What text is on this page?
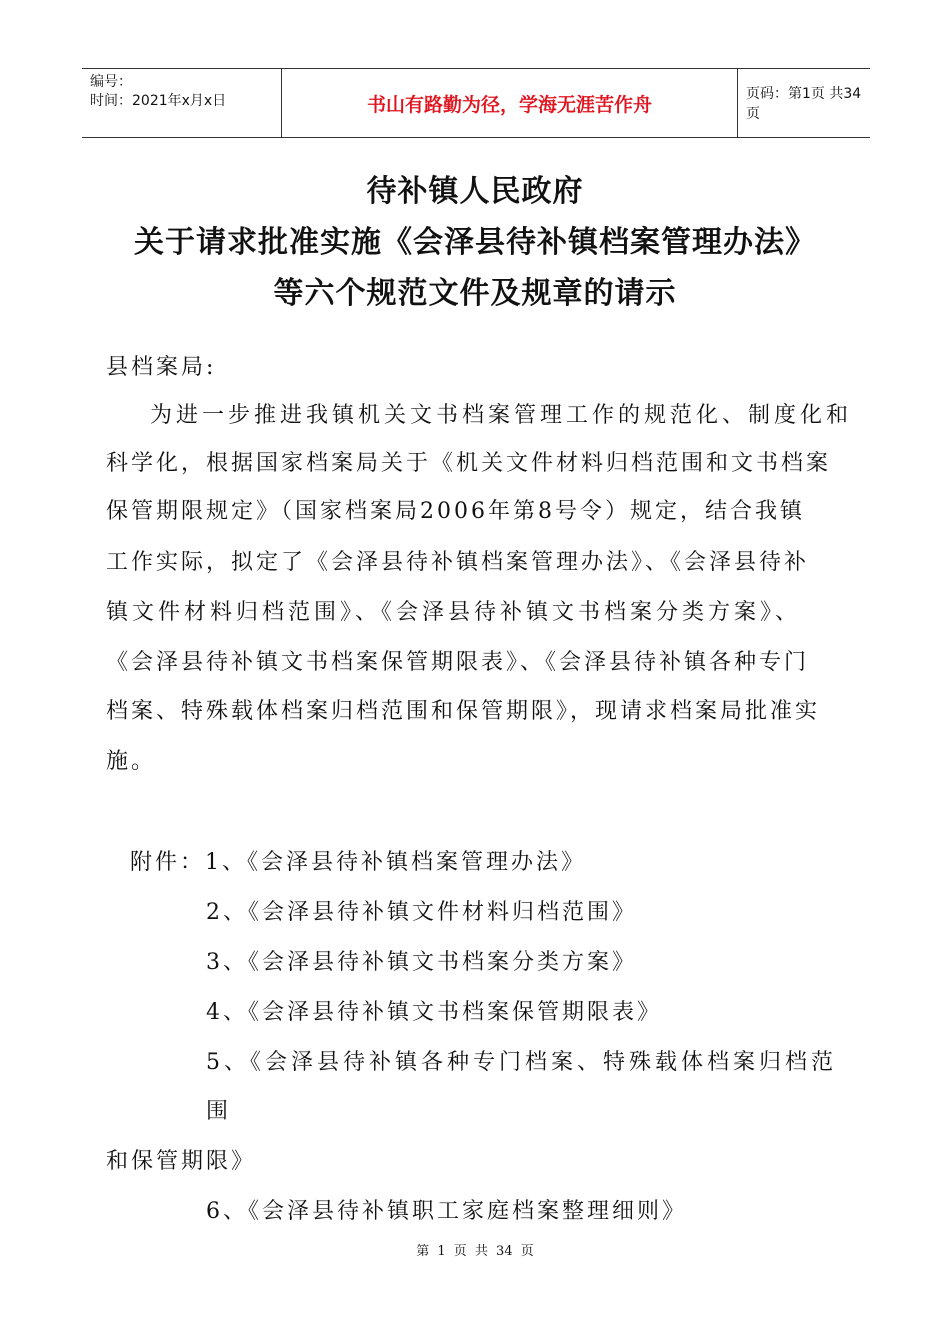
编号：
时间：2021年x月x日	书山有路勤为径，学海无涯苦作舟	页码：第1页 共34页
待补镇人民政府
关于请求批准实施《会泽县待补镇档案管理办法》
等六个规范文件及规章的请示
县档案局:
为进一步推进我镇机关文书档案管理工作的规范化、制度化和
科学化，根据国家档案局关于《机关文件材料归档范围和文书档案
保管期限规定》（国家档案局2006年第8号令）规定，结合我镇
工作实际，拟定了《会泽县待补镇档案管理办法》、《会泽县待补
镇文件材料归档范围》、《会泽县待补镇文书档案分类方案》、
《会泽县待补镇文书档案保管期限表》、《会泽县待补镇各种专门
档案、特殊载体档案归档范围和保管期限》，现请求档案局批准实
施。
附件：1、《会泽县待补镇档案管理办法》
2、《会泽县待补镇文件材料归档范围》
3、《会泽县待补镇文书档案分类方案》
4、《会泽县待补镇文书档案保管期限表》
5、《会泽县待补镇各种专门档案、特殊载体档案归档范
围
和保管期限》
6、《会泽县待补镇职工家庭档案整理细则》
第 1 页 共 34 页
